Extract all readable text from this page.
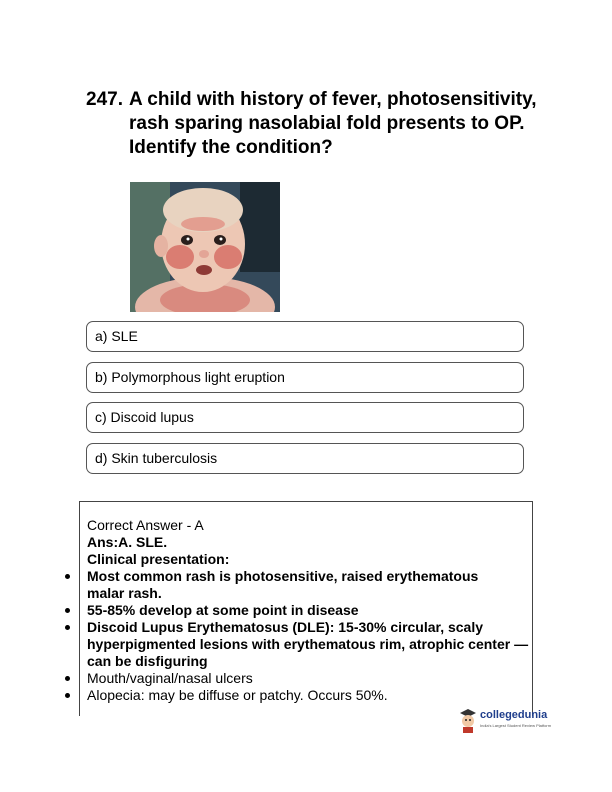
247. A child with history of fever, photosensitivity, rash sparing nasolabial fold presents to OP. Identify the condition?
a) SLE
b) Polymorphous light eruption
c) Discoid lupus
d) Skin tuberculosis
Correct Answer - A
Ans:A. SLE.
Clinical presentation:
Most common rash is photosensitive, raised erythematous malar rash.
55-85% develop at some point in disease
Discoid Lupus Erythematosus (DLE): 15-30% circular, scaly hyperpigmented lesions with erythematous rim, atrophic center —can be disfiguring
Mouth/vaginal/nasal ulcers
Alopecia: may be diffuse or patchy. Occurs 50%.
collegedunia
India's Largest Student Review Platform
